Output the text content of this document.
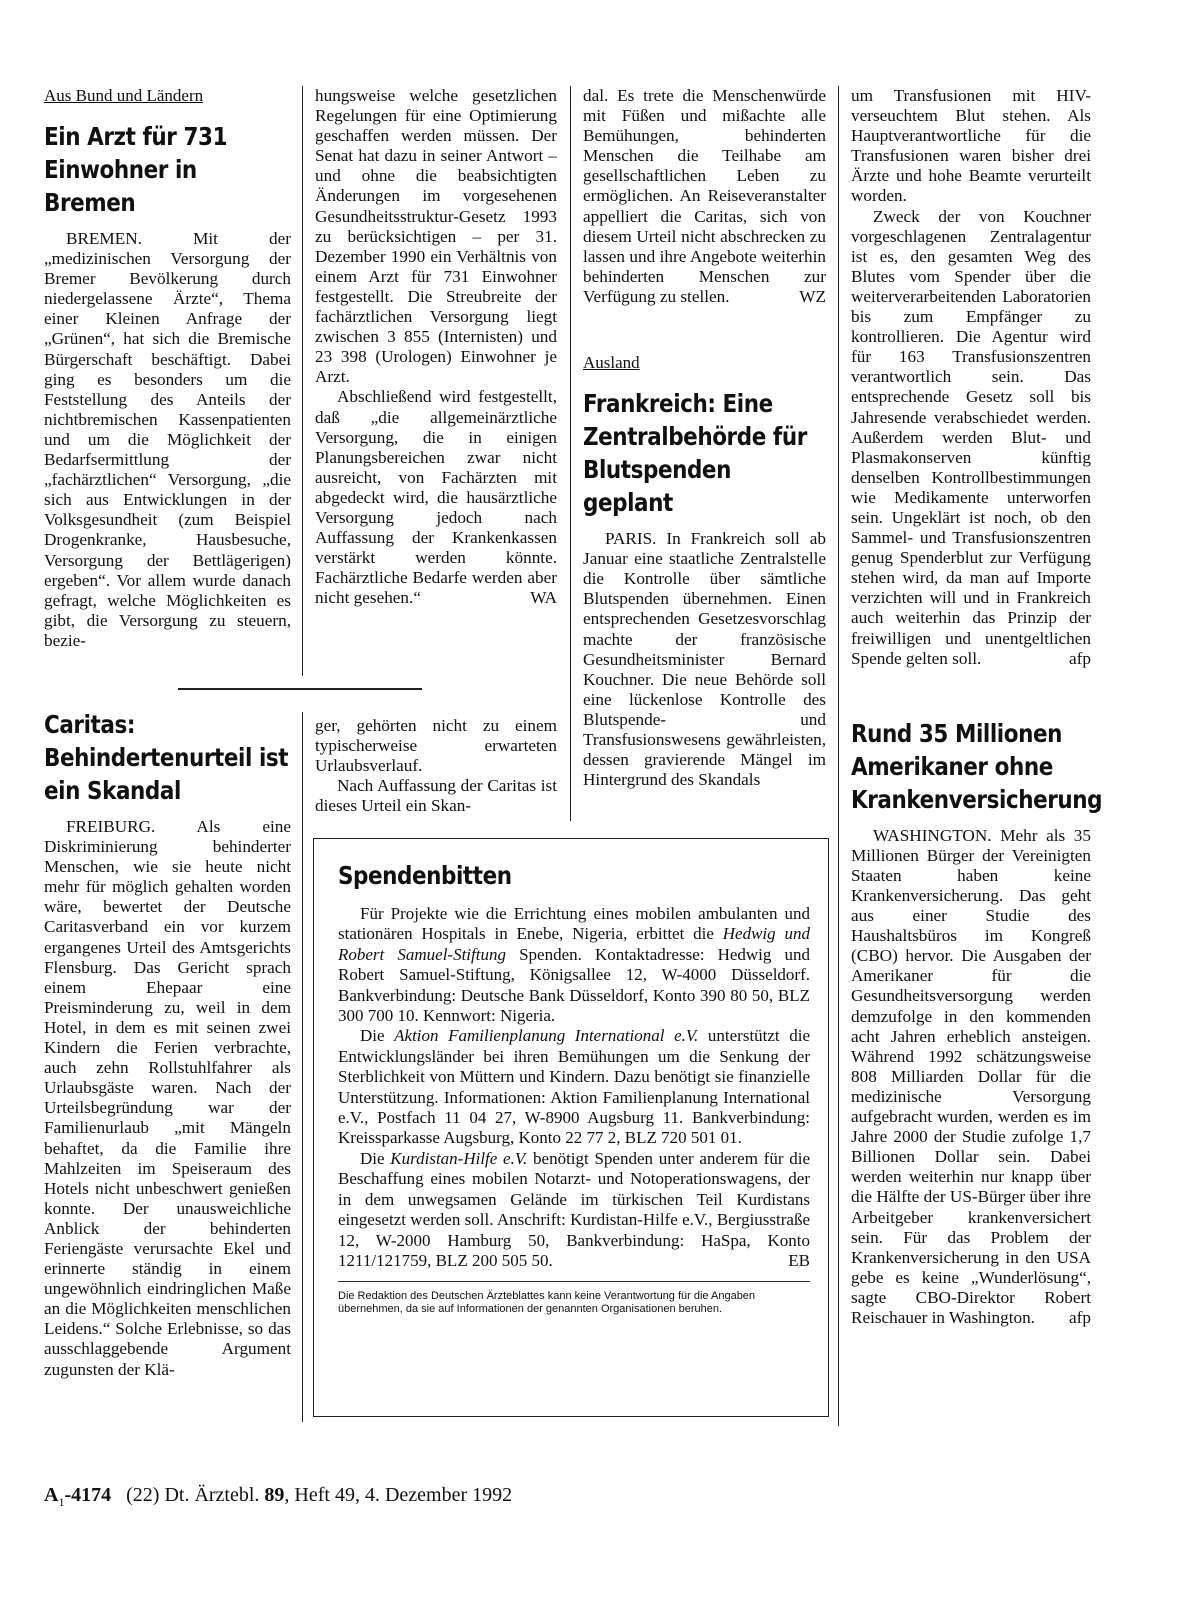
Aus Bund und Ländern

Ein Arzt für 731 Einwohner in Bremen

BREMEN. Mit der „medizinischen Versorgung der Bremer Bevölkerung durch niedergelassene Ärzte“, Thema einer Kleinen Anfrage der „Grünen“, hat sich die Bremische Bürgerschaft beschäftigt. Dabei ging es besonders um die Feststellung des Anteils der nichtbremischen Kassenpatienten und um die Möglichkeit der Bedarfsermittlung der „fachärztlichen“ Versorgung, „die sich aus Entwicklungen in der Volksgesundheit (zum Beispiel Drogenkranke, Hausbesuche, Versorgung der Bettlägerigen) ergeben“. Vor allem wurde danach gefragt, welche Möglichkeiten es gibt, die Versorgung zu steuern, bezie-

hungsweise welche gesetzlichen Regelungen für eine Optimierung geschaffen werden müssen. Der Senat hat dazu in seiner Antwort – und ohne die beabsichtigten Änderungen im vorgesehenen Gesundheitsstruktur-Gesetz 1993 zu berücksichtigen – per 31. Dezember 1990 ein Verhältnis von einem Arzt für 731 Einwohner festgestellt. Die Streubreite der fachärztlichen Versorgung liegt zwischen 3 855 (Internisten) und 23 398 (Urologen) Einwohner je Arzt.

Abschließend wird festgestellt, daß „die allgemeinärztliche Versorgung, die in einigen Planungsbereichen zwar nicht ausreicht, von Fachärzten mit abgedeckt wird, die hausärztliche Versorgung jedoch nach Auffassung der Krankenkassen verstärkt werden könnte. Fachärztliche Bedarfe werden aber nicht gesehen.“	WA

dal. Es trete die Menschenwürde mit Füßen und mißachte alle Bemühungen, behinderten Menschen die Teilhabe am gesellschaftlichen Leben zu ermöglichen. An Reiseveranstalter appelliert die Caritas, sich von diesem Urteil nicht abschrecken zu lassen und ihre Angebote weiterhin behinderten Menschen zur Verfügung zu stellen.	WZ

Ausland

Frankreich: Eine Zentralbehörde für Blutspenden geplant

PARIS. In Frankreich soll ab Januar eine staatliche Zentralstelle die Kontrolle über sämtliche Blutspenden übernehmen. Einen entsprechenden Gesetzesvorschlag machte der französische Gesundheitsminister Bernard Kouchner. Die neue Behörde soll eine lückenlose Kontrolle des Blutspende- und Transfusionswesens gewährleisten, dessen gravierende Mängel im Hintergrund des Skandals

um Transfusionen mit HIV-verseuchtem Blut stehen. Als Hauptverantwortliche für die Transfusionen waren bisher drei Ärzte und hohe Beamte verurteilt worden.

Zweck der von Kouchner vorgeschlagenen Zentralagentur ist es, den gesamten Weg des Blutes vom Spender über die weiterverarbeitenden Laboratorien bis zum Empfänger zu kontrollieren. Die Agentur wird für 163 Transfusionszentren verantwortlich sein. Das entsprechende Gesetz soll bis Jahresende verabschiedet werden. Außerdem werden Blut- und Plasmakonserven künftig denselben Kontrollbestimmungen wie Medikamente unterworfen sein. Ungeklärt ist noch, ob den Sammel- und Transfusionszentren genug Spenderblut zur Verfügung stehen wird, da man auf Importe verzichten will und in Frankreich auch weiterhin das Prinzip der freiwilligen und unentgeltlichen Spende gelten soll.	afp

Rund 35 Millionen Amerikaner ohne Krankenversicherung

WASHINGTON. Mehr als 35 Millionen Bürger der Vereinigten Staaten haben keine Krankenversicherung. Das geht aus einer Studie des Haushaltsbüros im Kongreß (CBO) hervor. Die Ausgaben der Amerikaner für die Gesundheitsversorgung werden demzufolge in den kommenden acht Jahren erheblich ansteigen. Während 1992 schätzungsweise 808 Milliarden Dollar für die medizinische Versorgung aufgebracht wurden, werden es im Jahre 2000 der Studie zufolge 1,7 Billionen Dollar sein. Dabei werden weiterhin nur knapp über die Hälfte der US-Bürger über ihre Arbeitgeber krankenversichert sein. Für das Problem der Krankenversicherung in den USA gebe es keine „Wunderlösung“, sagte CBO-Direktor Robert Reischauer in Washington.	afp

Caritas: Behindertenurteil ist ein Skandal

FREIBURG. Als eine Diskriminierung behinderter Menschen, wie sie heute nicht mehr für möglich gehalten worden wäre, bewertet der Deutsche Caritasverband ein vor kurzem ergangenes Urteil des Amtsgerichts Flensburg. Das Gericht sprach einem Ehepaar eine Preisminderung zu, weil in dem Hotel, in dem es mit seinen zwei Kindern die Ferien verbrachte, auch zehn Rollstuhlfahrer als Urlaubsgäste waren. Nach der Urteilsbegründung war der Familienurlaub „mit Mängeln behaftet, da die Familie ihre Mahlzeiten im Speiseraum des Hotels nicht unbeschwert genießen konnte. Der unausweichliche Anblick der behinderten Feriengäste verursachte Ekel und erinnerte ständig in einem ungewöhnlich eindringlichen Maße an die Möglichkeiten menschlichen Leidens.“ Solche Erlebnisse, so das ausschlaggebende Argument zugunsten der Klä-

ger, gehörten nicht zu einem typischerweise erwarteten Urlaubsverlauf.

Nach Auffassung der Caritas ist dieses Urteil ein Skan-

Spendenbitten

Für Projekte wie die Errichtung eines mobilen ambulanten und stationären Hospitals in Enebe, Nigeria, erbittet die Hedwig und Robert Samuel-Stiftung Spenden. Kontaktadresse: Hedwig und Robert Samuel-Stiftung, Königsallee 12, W-4000 Düsseldorf. Bankverbindung: Deutsche Bank Düsseldorf, Konto 390 80 50, BLZ 300 700 10. Kennwort: Nigeria.

Die Aktion Familienplanung International e.V. unterstützt die Entwicklungsländer bei ihren Bemühungen um die Senkung der Sterblichkeit von Müttern und Kindern. Dazu benötigt sie finanzielle Unterstützung. Informationen: Aktion Familienplanung International e.V., Postfach 11 04 27, W-8900 Augsburg 11. Bankverbindung: Kreissparkasse Augsburg, Konto 22 77 2, BLZ 720 501 01.

Die Kurdistan-Hilfe e.V. benötigt Spenden unter anderem für die Beschaffung eines mobilen Notarzt- und Notoperationswagens, der in dem unwegsamen Gelände im türkischen Teil Kurdistans eingesetzt werden soll. Anschrift: Kurdistan-Hilfe e.V., Bergiusstraße 12, W-2000 Hamburg 50, Bankverbindung: HaSpa, Konto 1211/121759, BLZ 200 505 50.	EB

Die Redaktion des Deutschen Ärzteblattes kann keine Verantwortung für die Angaben übernehmen, da sie auf Informationen der genannten Organisationen beruhen.

$A_1-4174$ (22) Dt. Ärztebl. 89, Heft 49, 4. Dezember 1992
